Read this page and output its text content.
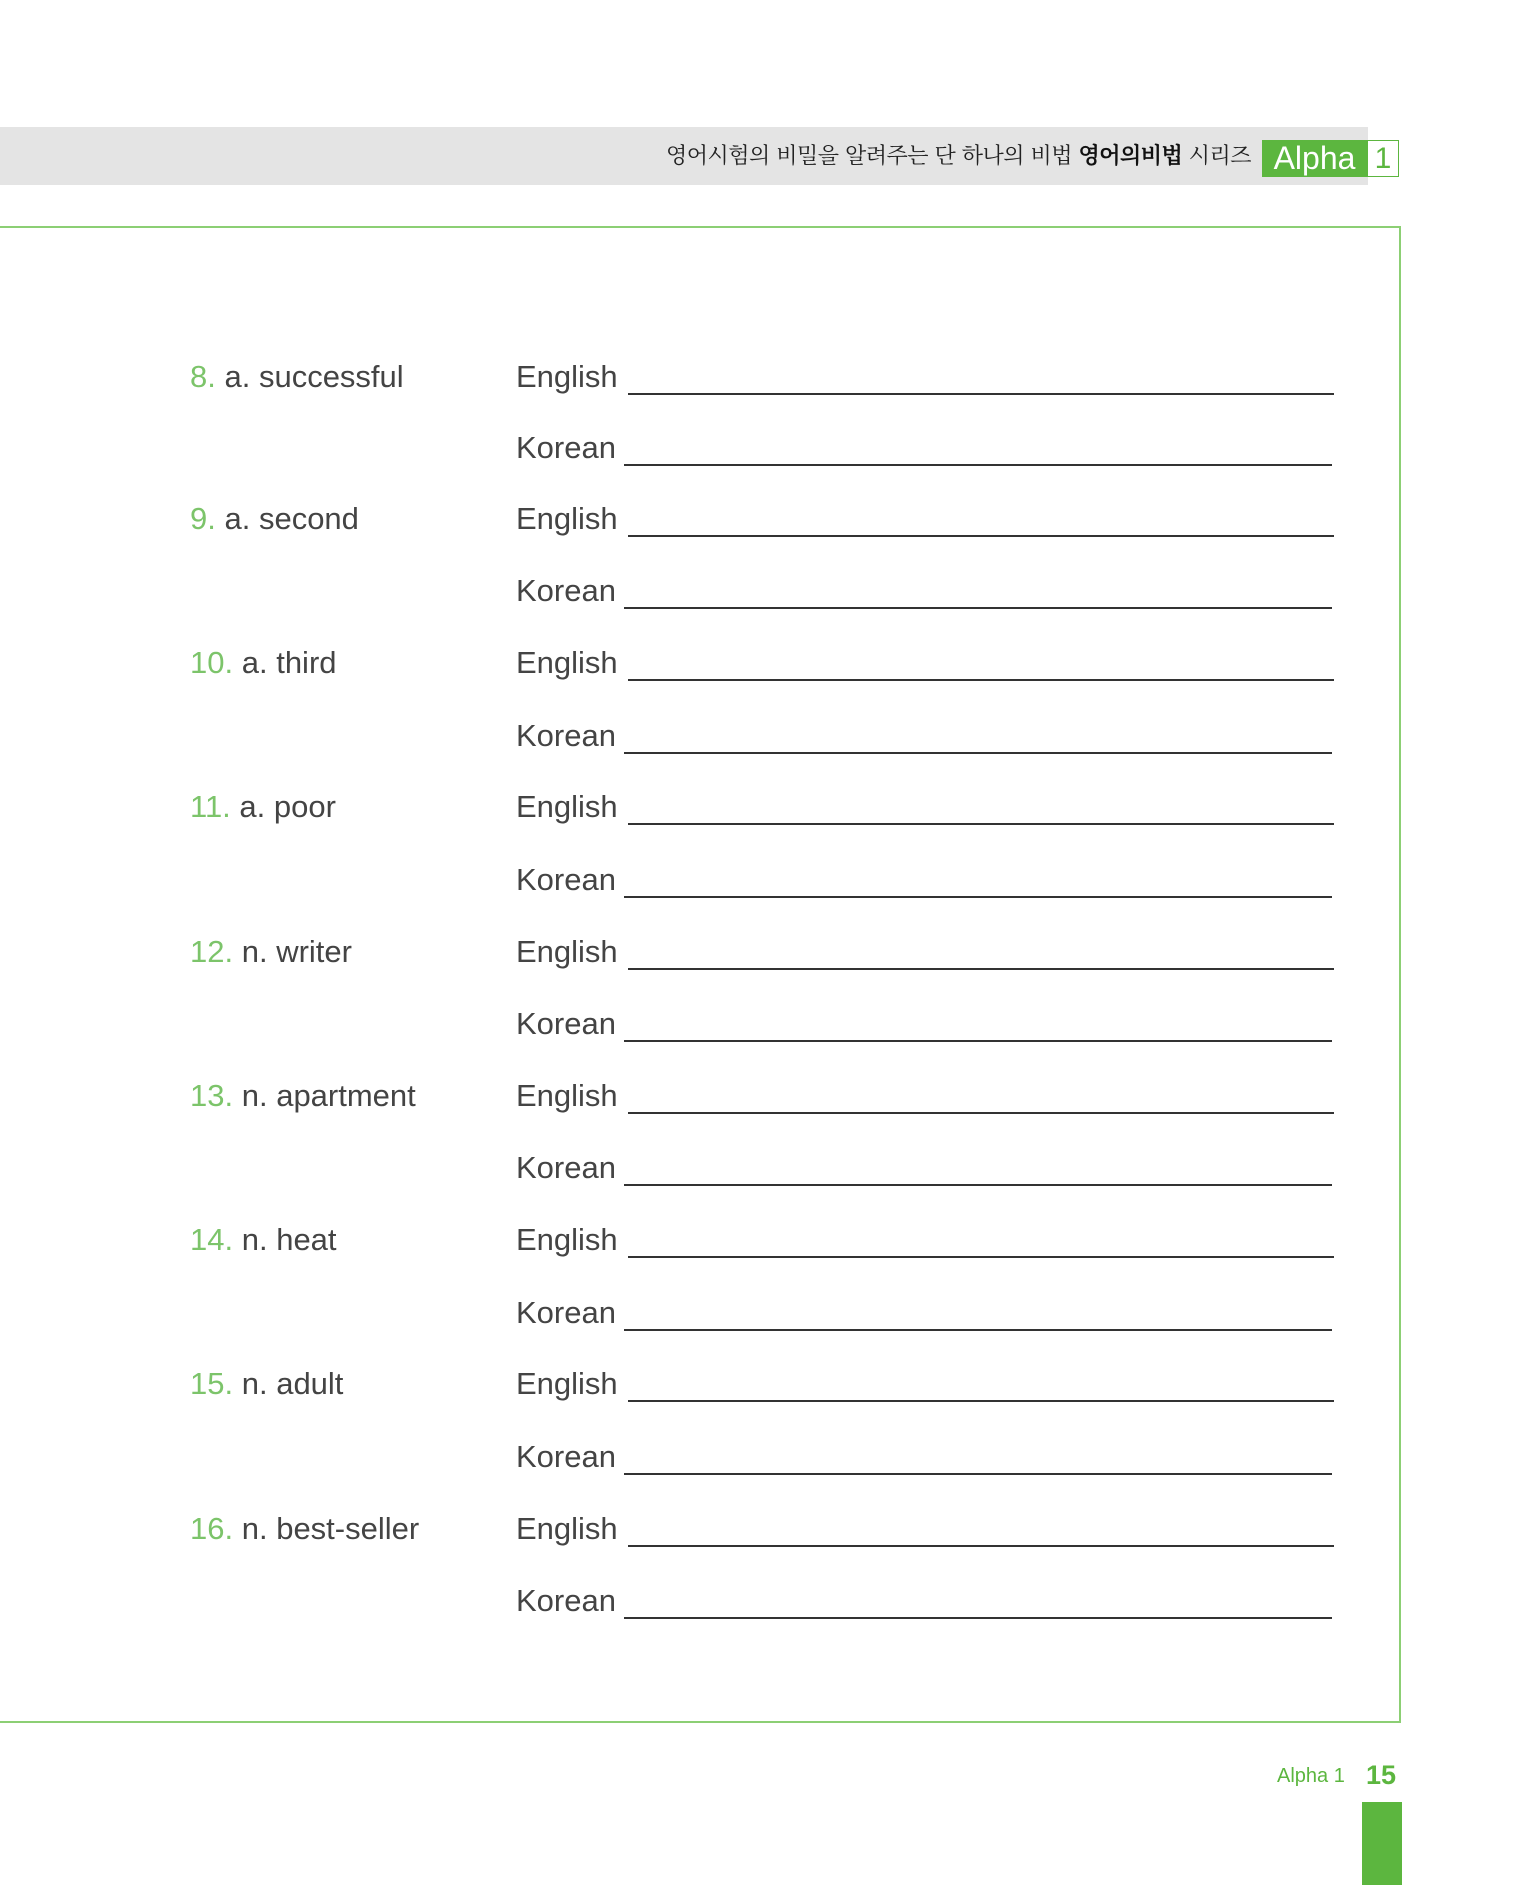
영어시험의 비밀을 알려주는 단 하나의 비법 영어의비법 시리즈 Alpha 1
8. a. successful	English
Korean
9. a. second	English
Korean
10. a. third	English
Korean
11. a. poor	English
Korean
12. n. writer	English
Korean
13. n. apartment	English
Korean
14. n. heat	English
Korean
15. n. adult	English
Korean
16. n. best-seller	English
Korean
Alpha 1 15
